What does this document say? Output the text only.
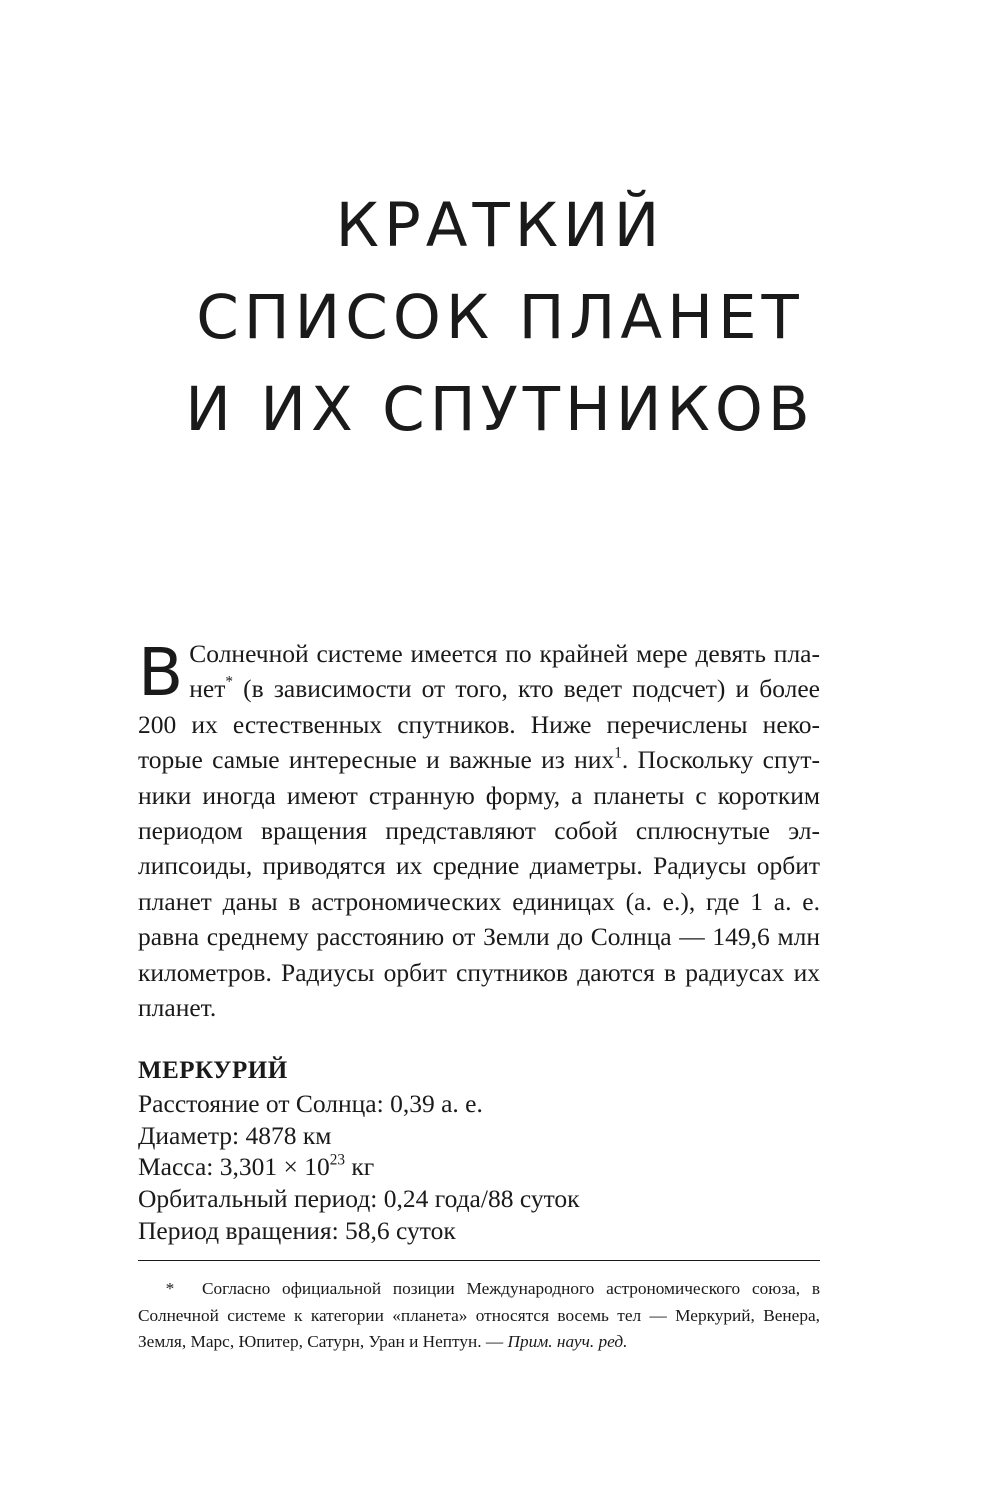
КРАТКИЙ
СПИСОК ПЛАНЕТ
И ИХ СПУТНИКОВ

В Солнечной системе имеется по крайней мере девять планет* (в зависимости от того, кто ведет подсчет) и более 200 их естественных спутников. Ниже перечислены некоторые самые интересные и важные из них$^1$. Поскольку спутники иногда имеют странную форму, а планеты с коротким периодом вращения представляют собой сплюснутые эллипсоиды, приводятся их средние диаметры. Радиусы орбит планет даны в астрономических единицах (а. е.), где 1 а. е. равна среднему расстоянию от Земли до Солнца — 149,6 млн километров. Радиусы орбит спутников даются в радиусах их планет.

МЕРКУРИЙ

Расстояние от Солнца: 0,39 а. е.

Диаметр: 4878 км

Масса: $3,301 \times 10^{23}$ кг

Орбитальный период: 0,24 года/88 суток

Период вращения: 58,6 суток

* Согласно официальной позиции Международного астрономического союза, в Солнечной системе к категории «планета» относятся восемь тел — Меркурий, Венера, Земля, Марс, Юпитер, Сатурн, Уран и Нептун. — Прим. науч. ред.
